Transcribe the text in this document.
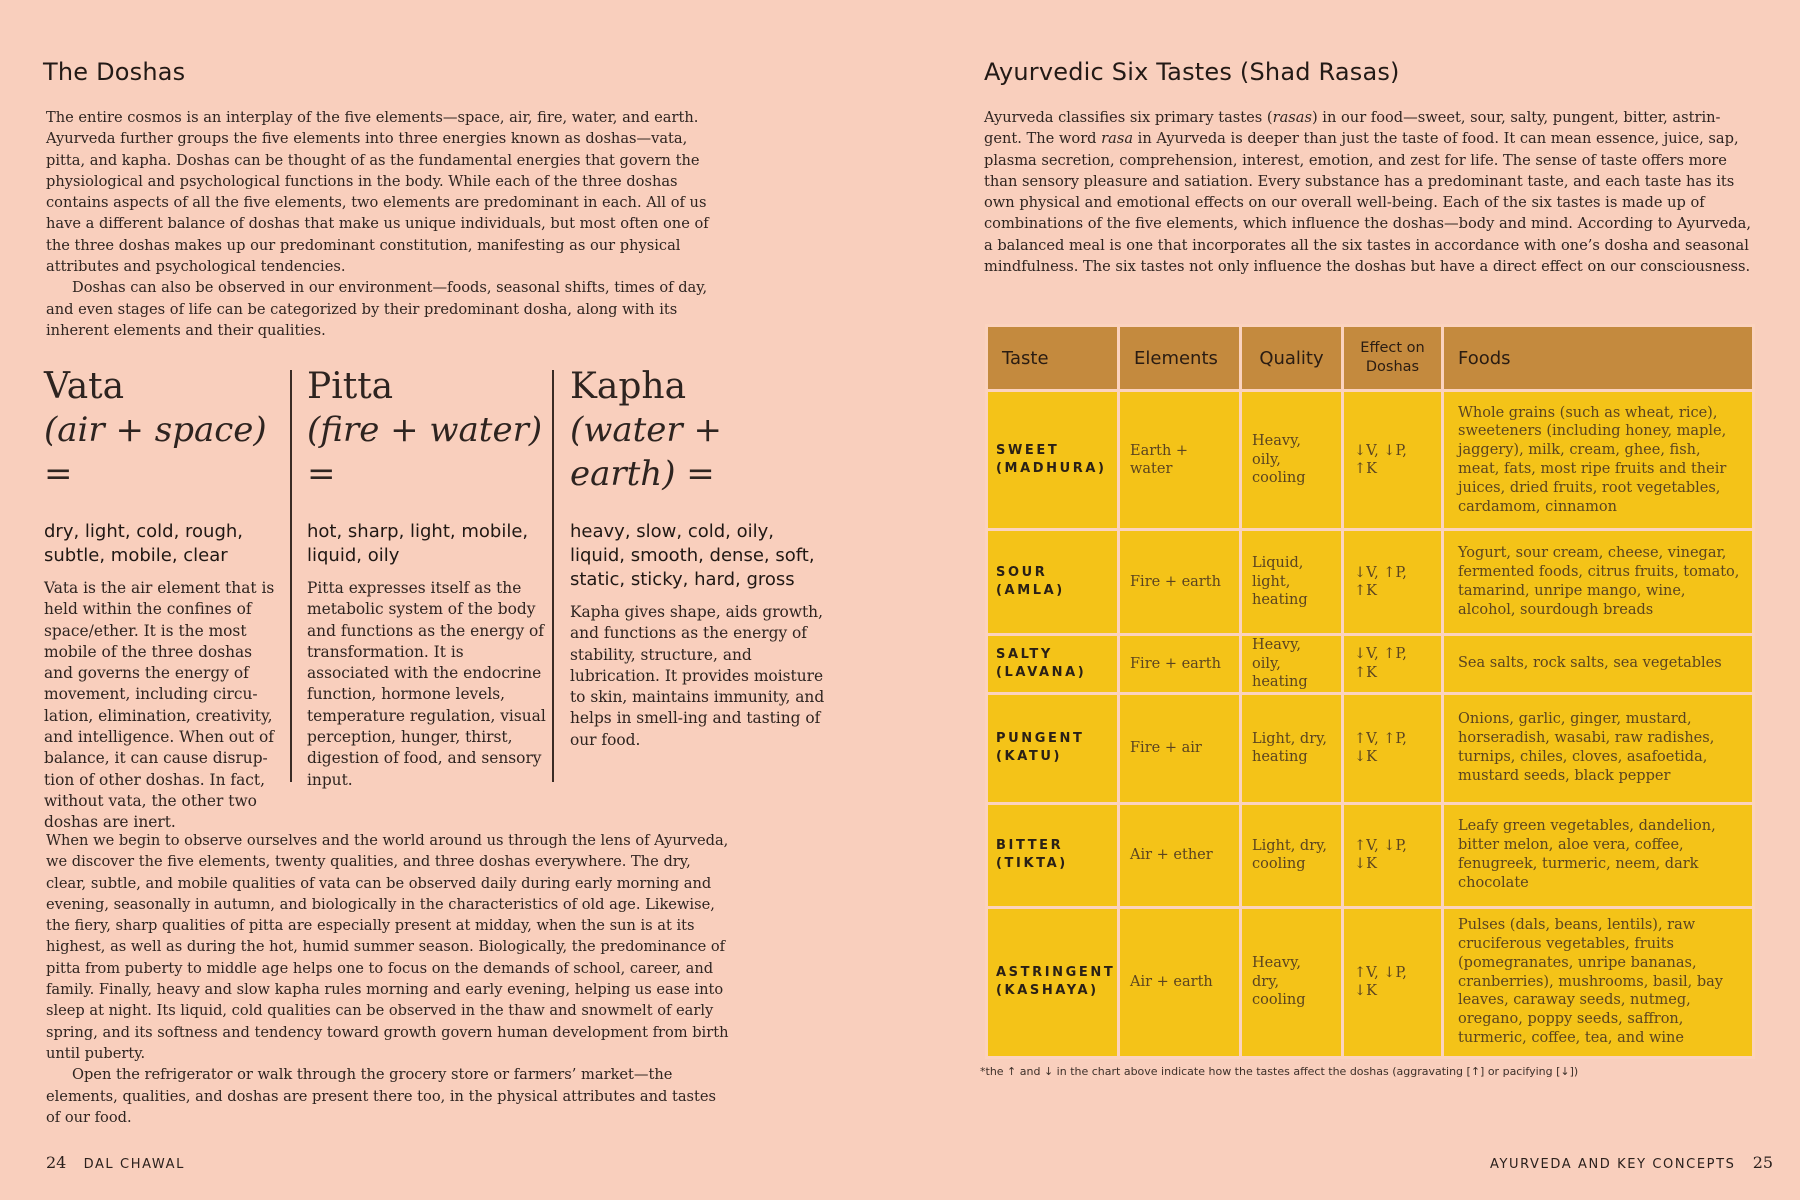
The Doshas

The entire cosmos is an interplay of the five elements—space, air, fire, water, and earth. Ayurveda further groups the five elements into three energies known as doshas—vata, pitta, and kapha. Doshas can be thought of as the fundamental energies that govern the physiological and psychological functions in the body. While each of the three doshas contains aspects of all the five elements, two elements are predominant in each. All of us have a different balance of doshas that make us unique individuals, but most often one of the three doshas makes up our predominant constitution, manifesting as our physical attributes and psychological tendencies.

Doshas can also be observed in our environment—foods, seasonal shifts, times of day, and even stages of life can be categorized by their predominant dosha, along with its inherent elements and their qualities.

Vata
(air + space) =
dry, light, cold, rough, subtle, mobile, clear
Vata is the air element that is held within the confines of space/ether. It is the most mobile of the three doshas and governs the energy of movement, including circu-lation, elimination, creativity, and intelligence. When out of balance, it can cause disrup-tion of other doshas. In fact, without vata, the other two doshas are inert.
Pitta
(fire + water) =
hot, sharp, light, mobile, liquid, oily
Pitta expresses itself as the metabolic system of the body and functions as the energy of transformation. It is associated with the endocrine function, hormone levels, temperature regulation, visual perception, hunger, thirst, digestion of food, and sensory input.
Kapha
(water + earth) =
heavy, slow, cold, oily, liquid, smooth, dense, soft, static, sticky, hard, gross
Kapha gives shape, aids growth, and functions as the energy of stability, structure, and lubrication. It provides moisture to skin, maintains immunity, and helps in smell-ing and tasting of our food.

When we begin to observe ourselves and the world around us through the lens of Ayurveda, we discover the five elements, twenty qualities, and three doshas everywhere. The dry, clear, subtle, and mobile qualities of vata can be observed daily during early morning and evening, seasonally in autumn, and biologically in the characteristics of old age. Likewise, the fiery, sharp qualities of pitta are especially present at midday, when the sun is at its highest, as well as during the hot, humid summer season. Biologically, the predominance of pitta from puberty to middle age helps one to focus on the demands of school, career, and family. Finally, heavy and slow kapha rules morning and early evening, helping us ease into sleep at night. Its liquid, cold qualities can be observed in the thaw and snowmelt of early spring, and its softness and tendency toward growth govern human development from birth until puberty.

Open the refrigerator or walk through the grocery store or farmers’ market—the elements, qualities, and doshas are present there too, in the physical attributes and tastes of our food.

24 DAL CHAWAL

Ayurvedic Six Tastes (Shad Rasas)

Ayurveda classifies six primary tastes (rasas) in our food—sweet, sour, salty, pungent, bitter, astrin-gent. The word rasa in Ayurveda is deeper than just the taste of food. It can mean essence, juice, sap, plasma secretion, comprehension, interest, emotion, and zest for life. The sense of taste offers more than sensory pleasure and satiation. Every substance has a predominant taste, and each taste has its own physical and emotional effects on our overall well-being. Each of the six tastes is made up of combinations of the five elements, which influence the doshas—body and mind. According to Ayurveda, a balanced meal is one that incorporates all the six tastes in accordance with one’s dosha and seasonal mindfulness. The six tastes not only influence the doshas but have a direct effect on our consciousness.

Taste	Elements	Quality	Effect on Doshas	Foods
SWEET (MADHURA)	Earth + water	Heavy, oily, cooling	↓V, ↓P, ↑K	Whole grains (such as wheat, rice), sweeteners (including honey, maple, jaggery), milk, cream, ghee, fish, meat, fats, most ripe fruits and their juices, dried fruits, root vegetables, cardamom, cinnamon
SOUR (AMLA)	Fire + earth	Liquid, light, heating	↓V, ↑P, ↑K	Yogurt, sour cream, cheese, vinegar, fermented foods, citrus fruits, tomato, tamarind, unripe mango, wine, alcohol, sourdough breads
SALTY (LAVANA)	Fire + earth	Heavy, oily, heating	↓V, ↑P, ↑K	Sea salts, rock salts, sea vegetables
PUNGENT (KATU)	Fire + air	Light, dry, heating	↑V, ↑P, ↓K	Onions, garlic, ginger, mustard, horseradish, wasabi, raw radishes, turnips, chiles, cloves, asafoetida, mustard seeds, black pepper
BITTER (TIKTA)	Air + ether	Light, dry, cooling	↑V, ↓P, ↓K	Leafy green vegetables, dandelion, bitter melon, aloe vera, coffee, fenugreek, turmeric, neem, dark chocolate
ASTRINGENT (KASHAYA)	Air + earth	Heavy, dry, cooling	↑V, ↓P, ↓K	Pulses (dals, beans, lentils), raw cruciferous vegetables, fruits (pomegranates, unripe bananas, cranberries), mushrooms, basil, bay leaves, caraway seeds, nutmeg, oregano, poppy seeds, saffron, turmeric, coffee, tea, and wine

*the ↑ and ↓ in the chart above indicate how the tastes affect the doshas (aggravating [↑] or pacifying [↓])

AYURVEDA AND KEY CONCEPTS 25
